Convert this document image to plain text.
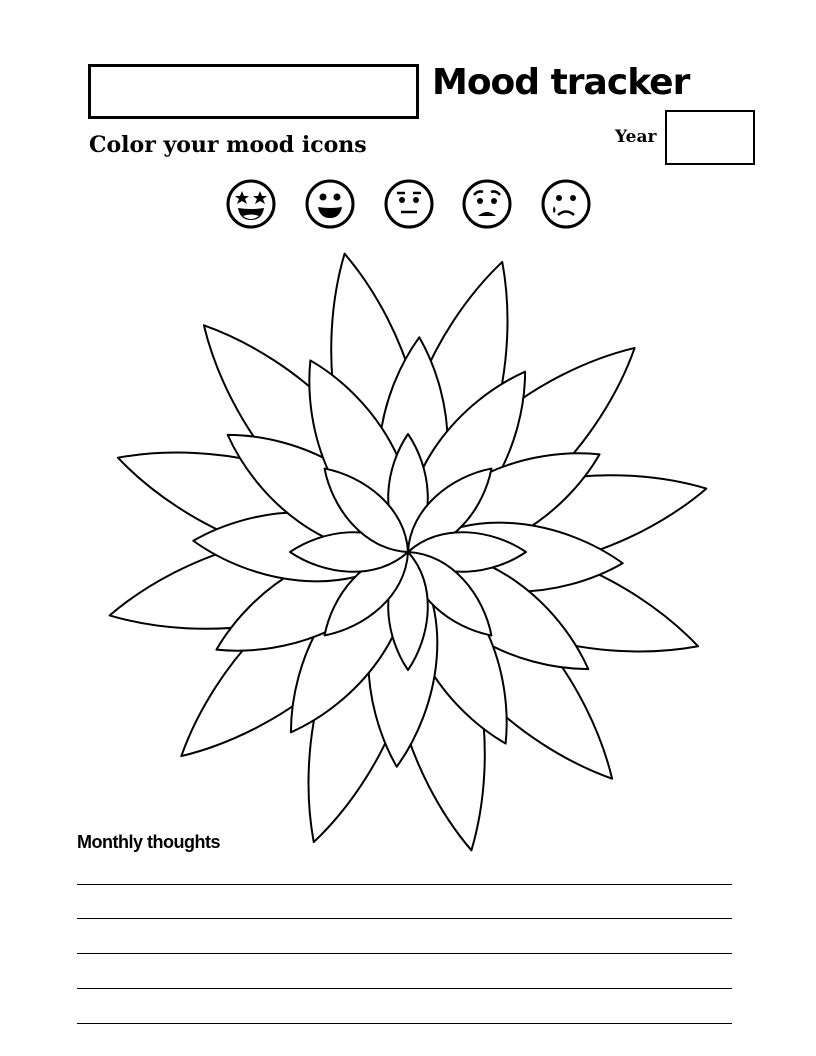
Mood tracker
Year
Color your mood icons
Monthly thoughts
